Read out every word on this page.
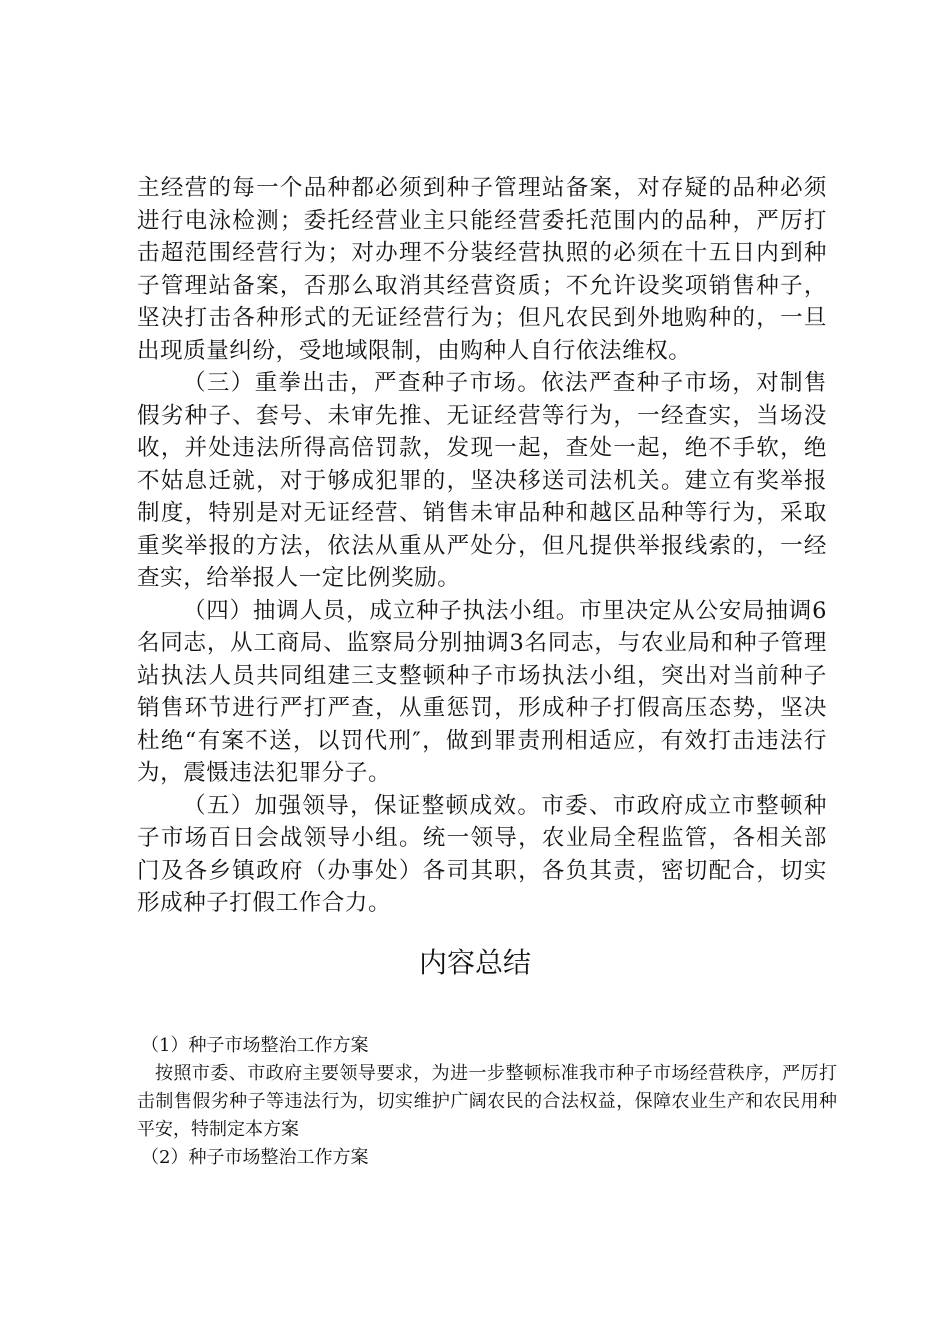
主经营的每一个品种都必须到种子管理站备案，对存疑的品种必须进行电泳检测；委托经营业主只能经营委托范围内的品种，严厉打击超范围经营行为；对办理不分装经营执照的必须在十五日内到种子管理站备案，否那么取消其经营资质；不允许设奖项销售种子，坚决打击各种形式的无证经营行为；但凡农民到外地购种的，一旦出现质量纠纷，受地域限制，由购种人自行依法维权。

（三）重拳出击，严查种子市场。依法严查种子市场，对制售假劣种子、套号、未审先推、无证经营等行为，一经查实，当场没收，并处违法所得高倍罚款，发现一起，查处一起，绝不手软，绝不姑息迁就，对于够成犯罪的，坚决移送司法机关。建立有奖举报制度，特别是对无证经营、销售未审品种和越区品种等行为，采取重奖举报的方法，依法从重从严处分，但凡提供举报线索的，一经查实，给举报人一定比例奖励。

（四）抽调人员，成立种子执法小组。市里决定从公安局抽调6名同志，从工商局、监察局分别抽调3名同志，与农业局和种子管理站执法人员共同组建三支整顿种子市场执法小组，突出对当前种子销售环节进行严打严查，从重惩罚，形成种子打假高压态势，坚决杜绝“有案不送，以罚代刑″，做到罪责刑相适应，有效打击违法行为，震慑违法犯罪分子。

（五）加强领导，保证整顿成效。市委、市政府成立市整顿种子市场百日会战领导小组。统一领导，农业局全程监管，各相关部门及各乡镇政府（办事处）各司其职，各负其责，密切配合，切实形成种子打假工作合力。

内容总结

（1）种子市场整治工作方案

按照市委、市政府主要领导要求，为进一步整顿标准我市种子市场经营秩序，严厉打击制售假劣种子等违法行为，切实维护广阔农民的合法权益，保障农业生产和农民用种平安，特制定本方案

（2）种子市场整治工作方案
